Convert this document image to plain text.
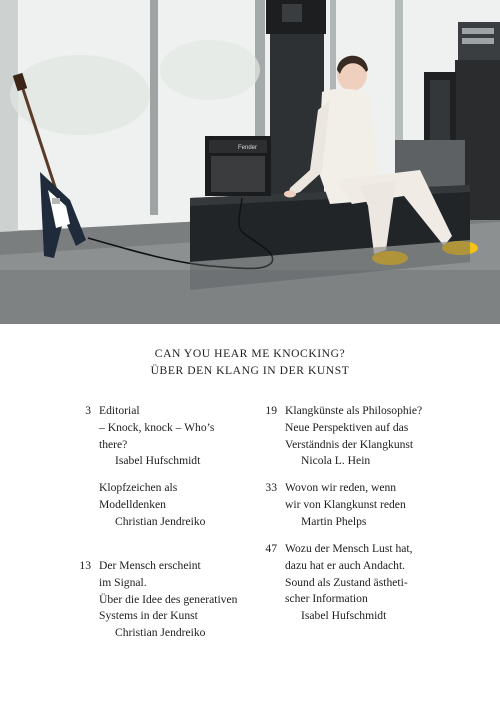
Fender
CAN YOU HEAR ME KNOCKING?
ÜBER DEN KLANG IN DER KUNST
3 Editorial
– Knock, knock – Who’s
there?
Isabel Hufschmidt
Klopfzeichen als
Modelldenken
Christian Jendreiko
13 Der Mensch erscheint
im Signal.
Über die Idee des generativen
Systems in der Kunst
Christian Jendreiko
19 Klangkünste als Philosophie?
Neue Perspektiven auf das
Verständnis der Klangkunst
Nicola L. Hein
33 Wovon wir reden, wenn
wir von Klangkunst reden
Martin Phelps
47 Wozu der Mensch Lust hat,
dazu hat er auch Andacht.
Sound als Zustand ästheti-
scher Information
Isabel Hufschmidt
